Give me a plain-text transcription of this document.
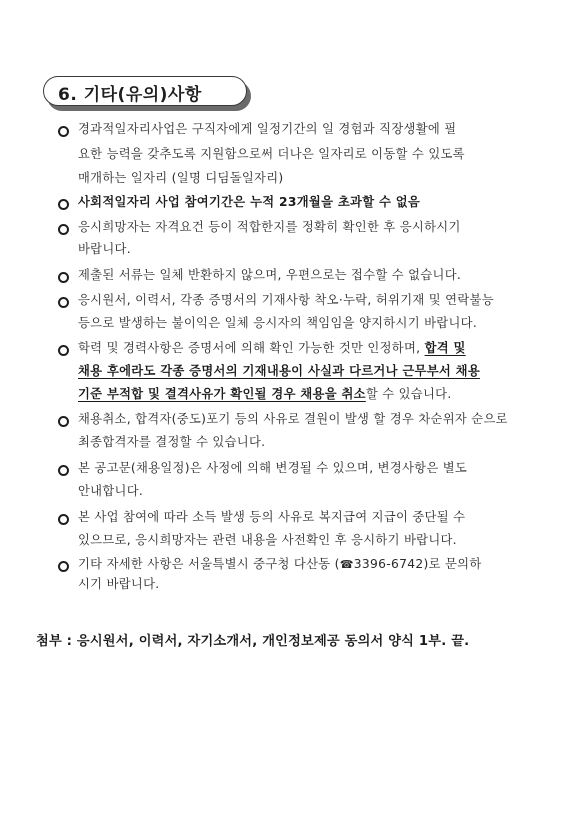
6. 기타(유의)사항
경과적일자리사업은 구직자에게 일정기간의 일 경험과 직장생활에 필
요한 능력을 갖추도록 지원함으로써 더나은 일자리로 이동할 수 있도록
매개하는 일자리 (일명 디딤돌일자리)
사회적일자리 사업 참여기간은 누적 23개월을 초과할 수 없음
응시희망자는 자격요건 등이 적합한지를 정확히 확인한 후 응시하시기
바랍니다.
제출된 서류는 일체 반환하지 않으며, 우편으로는 접수할 수 없습니다.
응시원서, 이력서, 각종 증명서의 기재사항 착오·누락, 허위기재 및 연락불능
등으로 발생하는 불이익은 일체 응시자의 책임임을 양지하시기 바랍니다.
학력 및 경력사항은 증명서에 의해 확인 가능한 것만 인정하며, 합격 및
채용 후에라도 각종 증명서의 기재내용이 사실과 다르거나 근무부서 채용
기준 부적합 및 결격사유가 확인될 경우 채용을 취소할 수 있습니다.
채용취소, 합격자(중도)포기 등의 사유로 결원이 발생 할 경우 차순위자 순으로
최종합격자를 결정할 수 있습니다.
본 공고문(채용일정)은 사정에 의해 변경될 수 있으며, 변경사항은 별도
안내합니다.
본 사업 참여에 따라 소득 발생 등의 사유로 복지급여 지급이 중단될 수
있으므로, 응시희망자는 관련 내용을 사전확인 후 응시하기 바랍니다.
기타 자세한 사항은 서울특별시 중구청 다산동 (☎3396-6742)로 문의하
시기 바랍니다.
첨부 : 응시원서, 이력서, 자기소개서, 개인정보제공 동의서 양식 1부. 끝.
